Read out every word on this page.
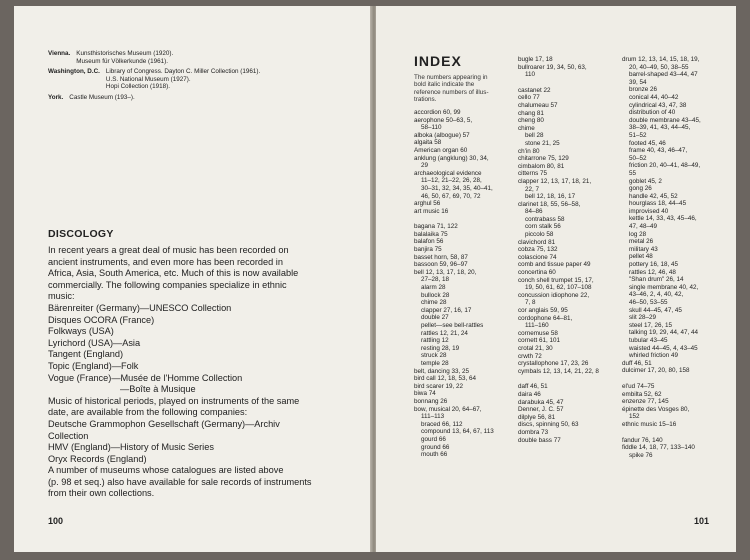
Vienna. Kunsthistorisches Museum (1920).
Museum für Völkerkunde (1961).
Washington, D.C. Library of Congress. Dayton C. Miller Collection (1961).
U.S. National Museum (1927).
Hopi Collection (1918).
York. Castle Museum (193–).
DISCOLOGY
In recent years a great deal of music has been recorded on
ancient instruments, and even more has been recorded in
Africa, Asia, South America, etc. Much of this is now available
commercially. The following companies specialize in ethnic
music:
Bärenreiter (Germany)—UNESCO Collection
Disques OCORA (France)
Folkways (USA)
Lyrichord (USA)—Asia
Tangent (England)
Topic (England)—Folk
Vogue (France)—Musée de l'Homme Collection
—Boîte à Musique
Music of historical periods, played on instruments of the same
date, are available from the following companies:
Deutsche Grammophon Gesellschaft (Germany)—Archiv
Collection
HMV (England)—History of Music Series
Oryx Records (England)
A number of museums whose catalogues are listed above
(p. 98 et seq.) also have available for sale records of instruments
from their own collections.
100
INDEX
The numbers appearing in
bold italic indicate the
reference numbers of illus-
trations.
accordion 60, 99
aerophone 50–63, 5,
58–110
alboka (albogue) 57
algaita 58
American organ 60
anklung (angklung) 30, 34,
29
archaeological evidence
11–12, 21–22, 26, 28,
30–31, 32, 34, 35, 40–41,
46, 50, 67, 69, 70, 72
arghul 56
art music 16
bagana 71, 122
balalaika 75
balafon 56
banjira 75
basset horn, 58, 87
bassoon 59, 96–97
bell 12, 13, 17, 18, 20,
27–28, 18
alarm 28
bullock 28
chime 28
clapper 27, 16, 17
double 27
pellet—see bell-rattles
rattles 12, 21, 24
rattling 12
resting 28, 19
struck 28
temple 28
belt, dancing 33, 25
bird call 12, 18, 53, 64
bird scarer 19, 22
biwa 74
bonnang 26
bow, musical 20, 64–67,
111–113
braced 66, 112
compound 13, 64, 67, 113
gourd 66
ground 66
mouth 66
bugle 17, 18
bullroarer 19, 34, 50, 63,
110
castanet 22
cello 77
chalumeau 57
chang 81
cheng 80
chime
bell 28
stone 21, 25
ch'in 80
chitarrone 75, 129
cimbalom 80, 81
citterns 75
clapper 12, 13, 17, 18, 21,
22, 7
bell 12, 18, 16, 17
clarinet 18, 55, 56–58,
84–86
contrabass 58
corn stalk 56
piccolo 58
clavichord 81
cobza 75, 132
colascione 74
comb and tissue paper 49
concertina 60
conch shell trumpet 15, 17,
19, 50, 61, 62, 107–108
concussion idiophone 22,
7, 8
cor anglais 59, 95
cordophone 64–81,
111–160
cornemuse 58
cornett 61, 101
crotal 21, 30
crwth 72
crystallophone 17, 23, 26
cymbals 12, 13, 14, 21, 22, 8
daff 46, 51
daira 46
darabuka 45, 47
Denner, J. C. 57
dilplye 56, 81
discs, spinning 50, 63
dombra 73
double bass 77
drum 12, 13, 14, 15, 18, 19,
20, 40–49, 50, 38–55
barrel-shaped 43–44, 47
39, 54
bronze 26
conical 44, 40–42
cylindrical 43, 47, 38
distribution of 40
double membrane 43–45,
38–39, 41, 43, 44–45,
51–52
footed 45, 46
frame 40, 43, 46–47,
50–52
friction 20, 40–41, 48–49,
55
goblet 45, 2
gong 26
handle 42, 45, 52
hourglass 18, 44–45
improvised 40
kettle 14, 33, 43, 45–46,
47, 48–49
log 28
metal 26
military 43
pellet 48
pottery 16, 18, 45
rattles 12, 46, 48
"Shan drum" 26, 14
single membrane 40, 42,
43–46, 2, 4, 40, 42,
46–50, 53–55
skull 44–45, 47, 45
slit 28–29
steel 17, 26, 15
talking 19, 29, 44, 47, 44
tubular 43–45
waisted 44–45, 4, 43–45
whirled friction 49
duff 46, 51
dulcimer 17, 20, 80, 158
el'ud 74–75
embilta 52, 62
enzenze 77, 145
épinette des Vosges 80,
152
ethnic music 15–16
fandur 76, 140
fiddle 14, 18, 77, 133–140
spike 76
101
